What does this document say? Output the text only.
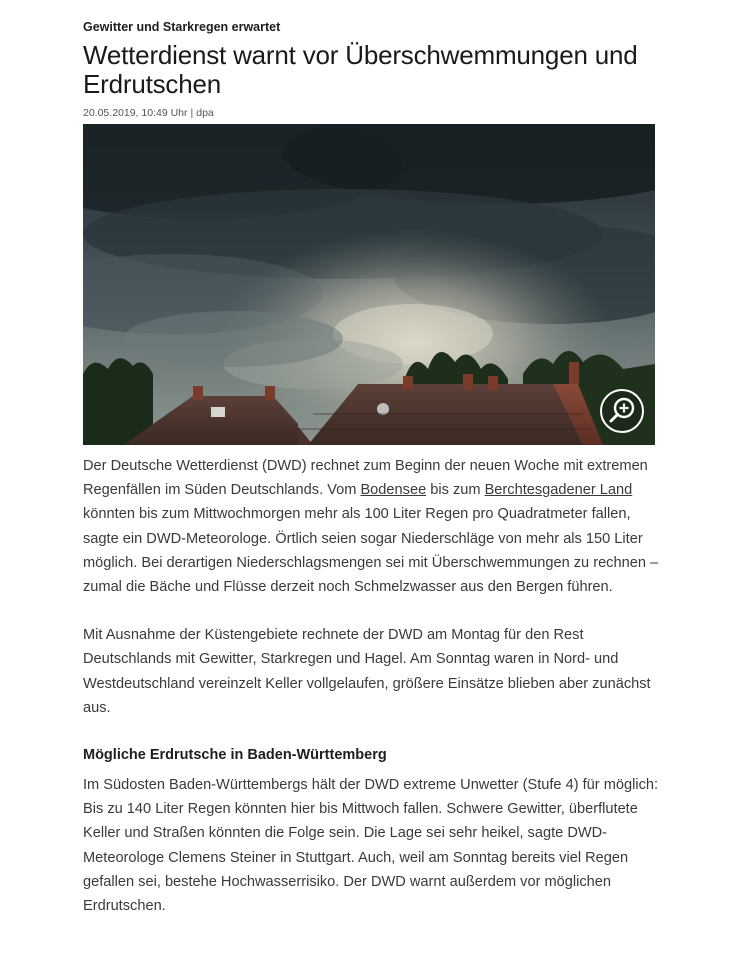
Gewitter und Starkregen erwartet
Wetterdienst warnt vor Überschwemmungen und Erdrutschen
20.05.2019, 10:49 Uhr | dpa

Der Deutsche Wetterdienst (DWD) rechnet zum Beginn der neuen Woche mit extremen Regenfällen im Süden Deutschlands. Vom Bodensee bis zum Berchtesgadener Land könnten bis zum Mittwochmorgen mehr als 100 Liter Regen pro Quadratmeter fallen, sagte ein DWD-Meteorologe. Örtlich seien sogar Niederschläge von mehr als 150 Liter möglich. Bei derartigen Niederschlagsmengen sei mit Überschwemmungen zu rechnen – zumal die Bäche und Flüsse derzeit noch Schmelzwasser aus den Bergen führen.

Mit Ausnahme der Küstengebiete rechnete der DWD am Montag für den Rest Deutschlands mit Gewitter, Starkregen und Hagel. Am Sonntag waren in Nord- und Westdeutschland vereinzelt Keller vollgelaufen, größere Einsätze blieben aber zunächst aus.

Mögliche Erdrutsche in Baden-Württemberg

Im Südosten Baden-Württembergs hält der DWD extreme Unwetter (Stufe 4) für möglich: Bis zu 140 Liter Regen könnten hier bis Mittwoch fallen. Schwere Gewitter, überflutete Keller und Straßen könnten die Folge sein. Die Lage sei sehr heikel, sagte DWD-Meteorologe Clemens Steiner in Stuttgart. Auch, weil am Sonntag bereits viel Regen gefallen sei, bestehe Hochwasserrisiko. Der DWD warnt außerdem vor möglichen Erdrutschen.
